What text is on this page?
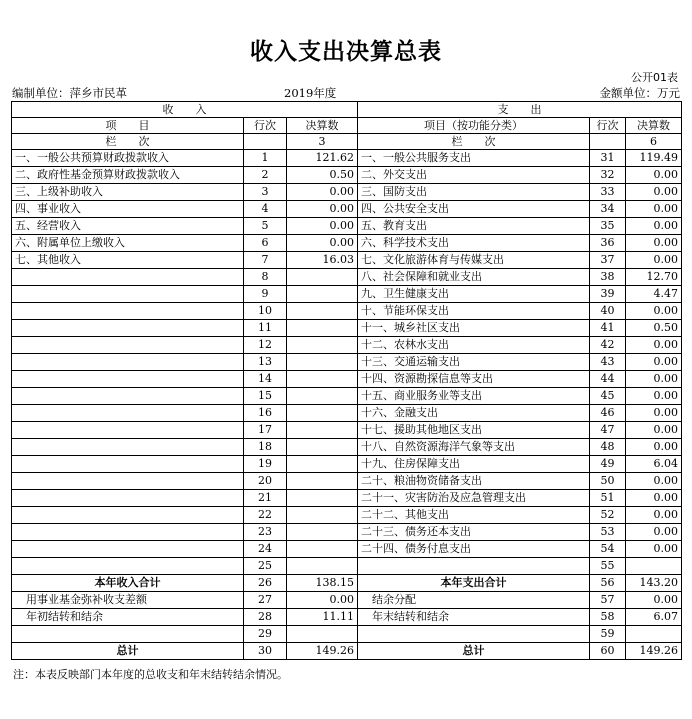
收入支出决算总表
公开01表
编制单位：萍乡市民革	2019年度	金额单位：万元
收　　入			支　　出		
项　　目	行次	决算数	项目（按功能分类）	行次	决算数
栏　　次		3	栏　　次		6
一、一般公共预算财政拨款收入	1	121.62	一、一般公共服务支出	31	119.49
二、政府性基金预算财政拨款收入	2	0.50	二、外交支出	32	0.00
三、上级补助收入	3	0.00	三、国防支出	33	0.00
四、事业收入	4	0.00	四、公共安全支出	34	0.00
五、经营收入	5	0.00	五、教育支出	35	0.00
六、附属单位上缴收入	6	0.00	六、科学技术支出	36	0.00
七、其他收入	7	16.03	七、文化旅游体育与传媒支出	37	0.00
	8		八、社会保障和就业支出	38	12.70
	9		九、卫生健康支出	39	4.47
	10		十、节能环保支出	40	0.00
	11		十一、城乡社区支出	41	0.50
	12		十二、农林水支出	42	0.00
	13		十三、交通运输支出	43	0.00
	14		十四、资源勘探信息等支出	44	0.00
	15		十五、商业服务业等支出	45	0.00
	16		十六、金融支出	46	0.00
	17		十七、援助其他地区支出	47	0.00
	18		十八、自然资源海洋气象等支出	48	0.00
	19		十九、住房保障支出	49	6.04
	20		二十、粮油物资储备支出	50	0.00
	21		二十一、灾害防治及应急管理支出	51	0.00
	22		二十二、其他支出	52	0.00
	23		二十三、债务还本支出	53	0.00
	24		二十四、债务付息支出	54	0.00
	25			55	
本年收入合计	26	138.15	本年支出合计	56	143.20
用事业基金弥补收支差额	27	0.00	结余分配	57	0.00
年初结转和结余	28	11.11	年末结转和结余	58	6.07
	29			59	
总计	30	149.26	总计	60	149.26
注：本表反映部门本年度的总收支和年末结转结余情况。
